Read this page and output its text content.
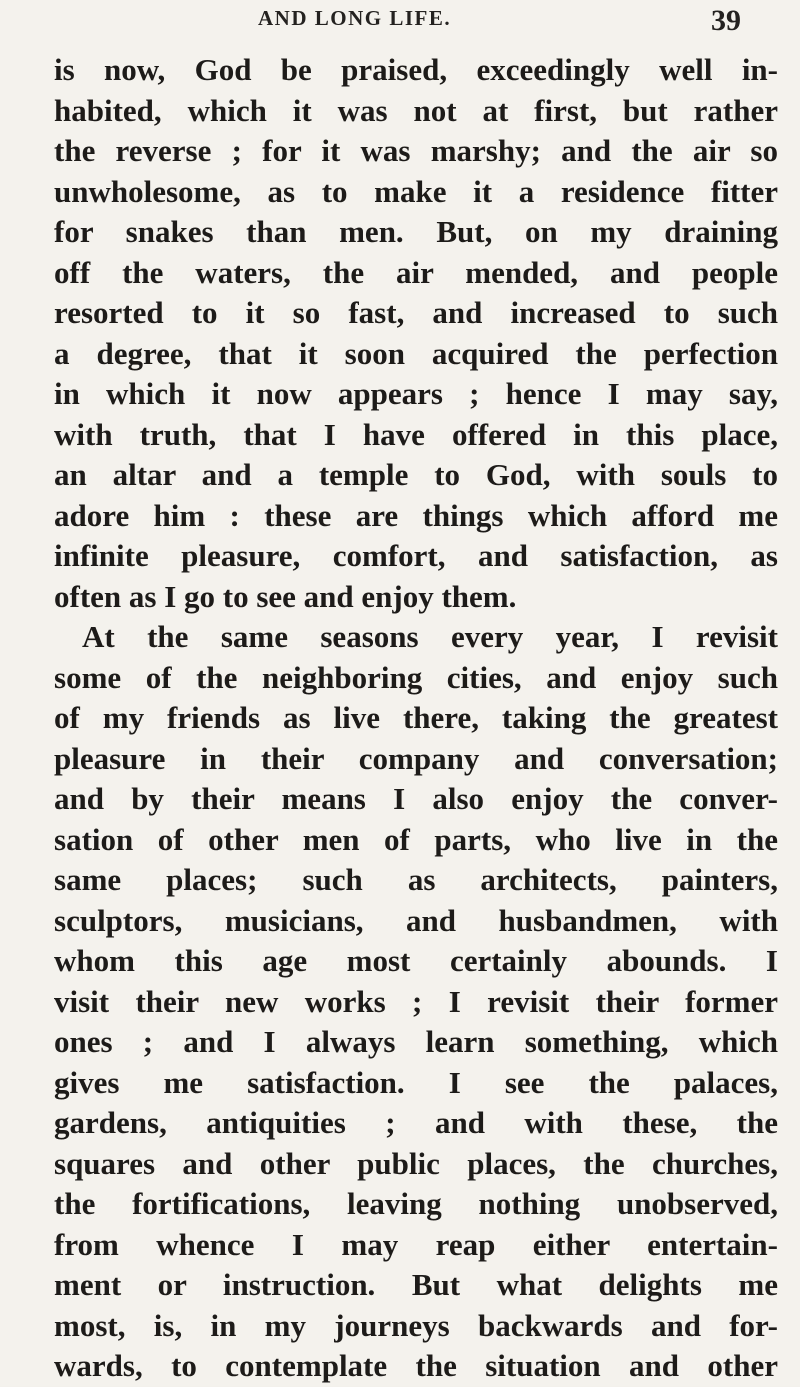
AND LONG LIFE.	39
is now, God be praised, exceedingly well in-
habited, which it was not at first, but rather
the reverse ; for it was marshy; and the air so
unwholesome, as to make it a residence fitter
for snakes than men. But, on my draining
off the waters, the air mended, and people
resorted to it so fast, and increased to such
a degree, that it soon acquired the perfection
in which it now appears ; hence I may say,
with truth, that I have offered in this place,
an altar and a temple to God, with souls to
adore him : these are things which afford me
infinite pleasure, comfort, and satisfaction, as
often as I go to see and enjoy them.
At the same seasons every year, I revisit
some of the neighboring cities, and enjoy such
of my friends as live there, taking the greatest
pleasure in their company and conversation;
and by their means I also enjoy the conver-
sation of other men of parts, who live in the
same places; such as architects, painters,
sculptors, musicians, and husbandmen, with
whom this age most certainly abounds. I
visit their new works ; I revisit their former
ones ; and I always learn something, which
gives me satisfaction. I see the palaces,
gardens, antiquities ; and with these, the
squares and other public places, the churches,
the fortifications, leaving nothing unobserved,
from whence I may reap either entertain-
ment or instruction. But what delights me
most, is, in my journeys backwards and for-
wards, to contemplate the situation and other
